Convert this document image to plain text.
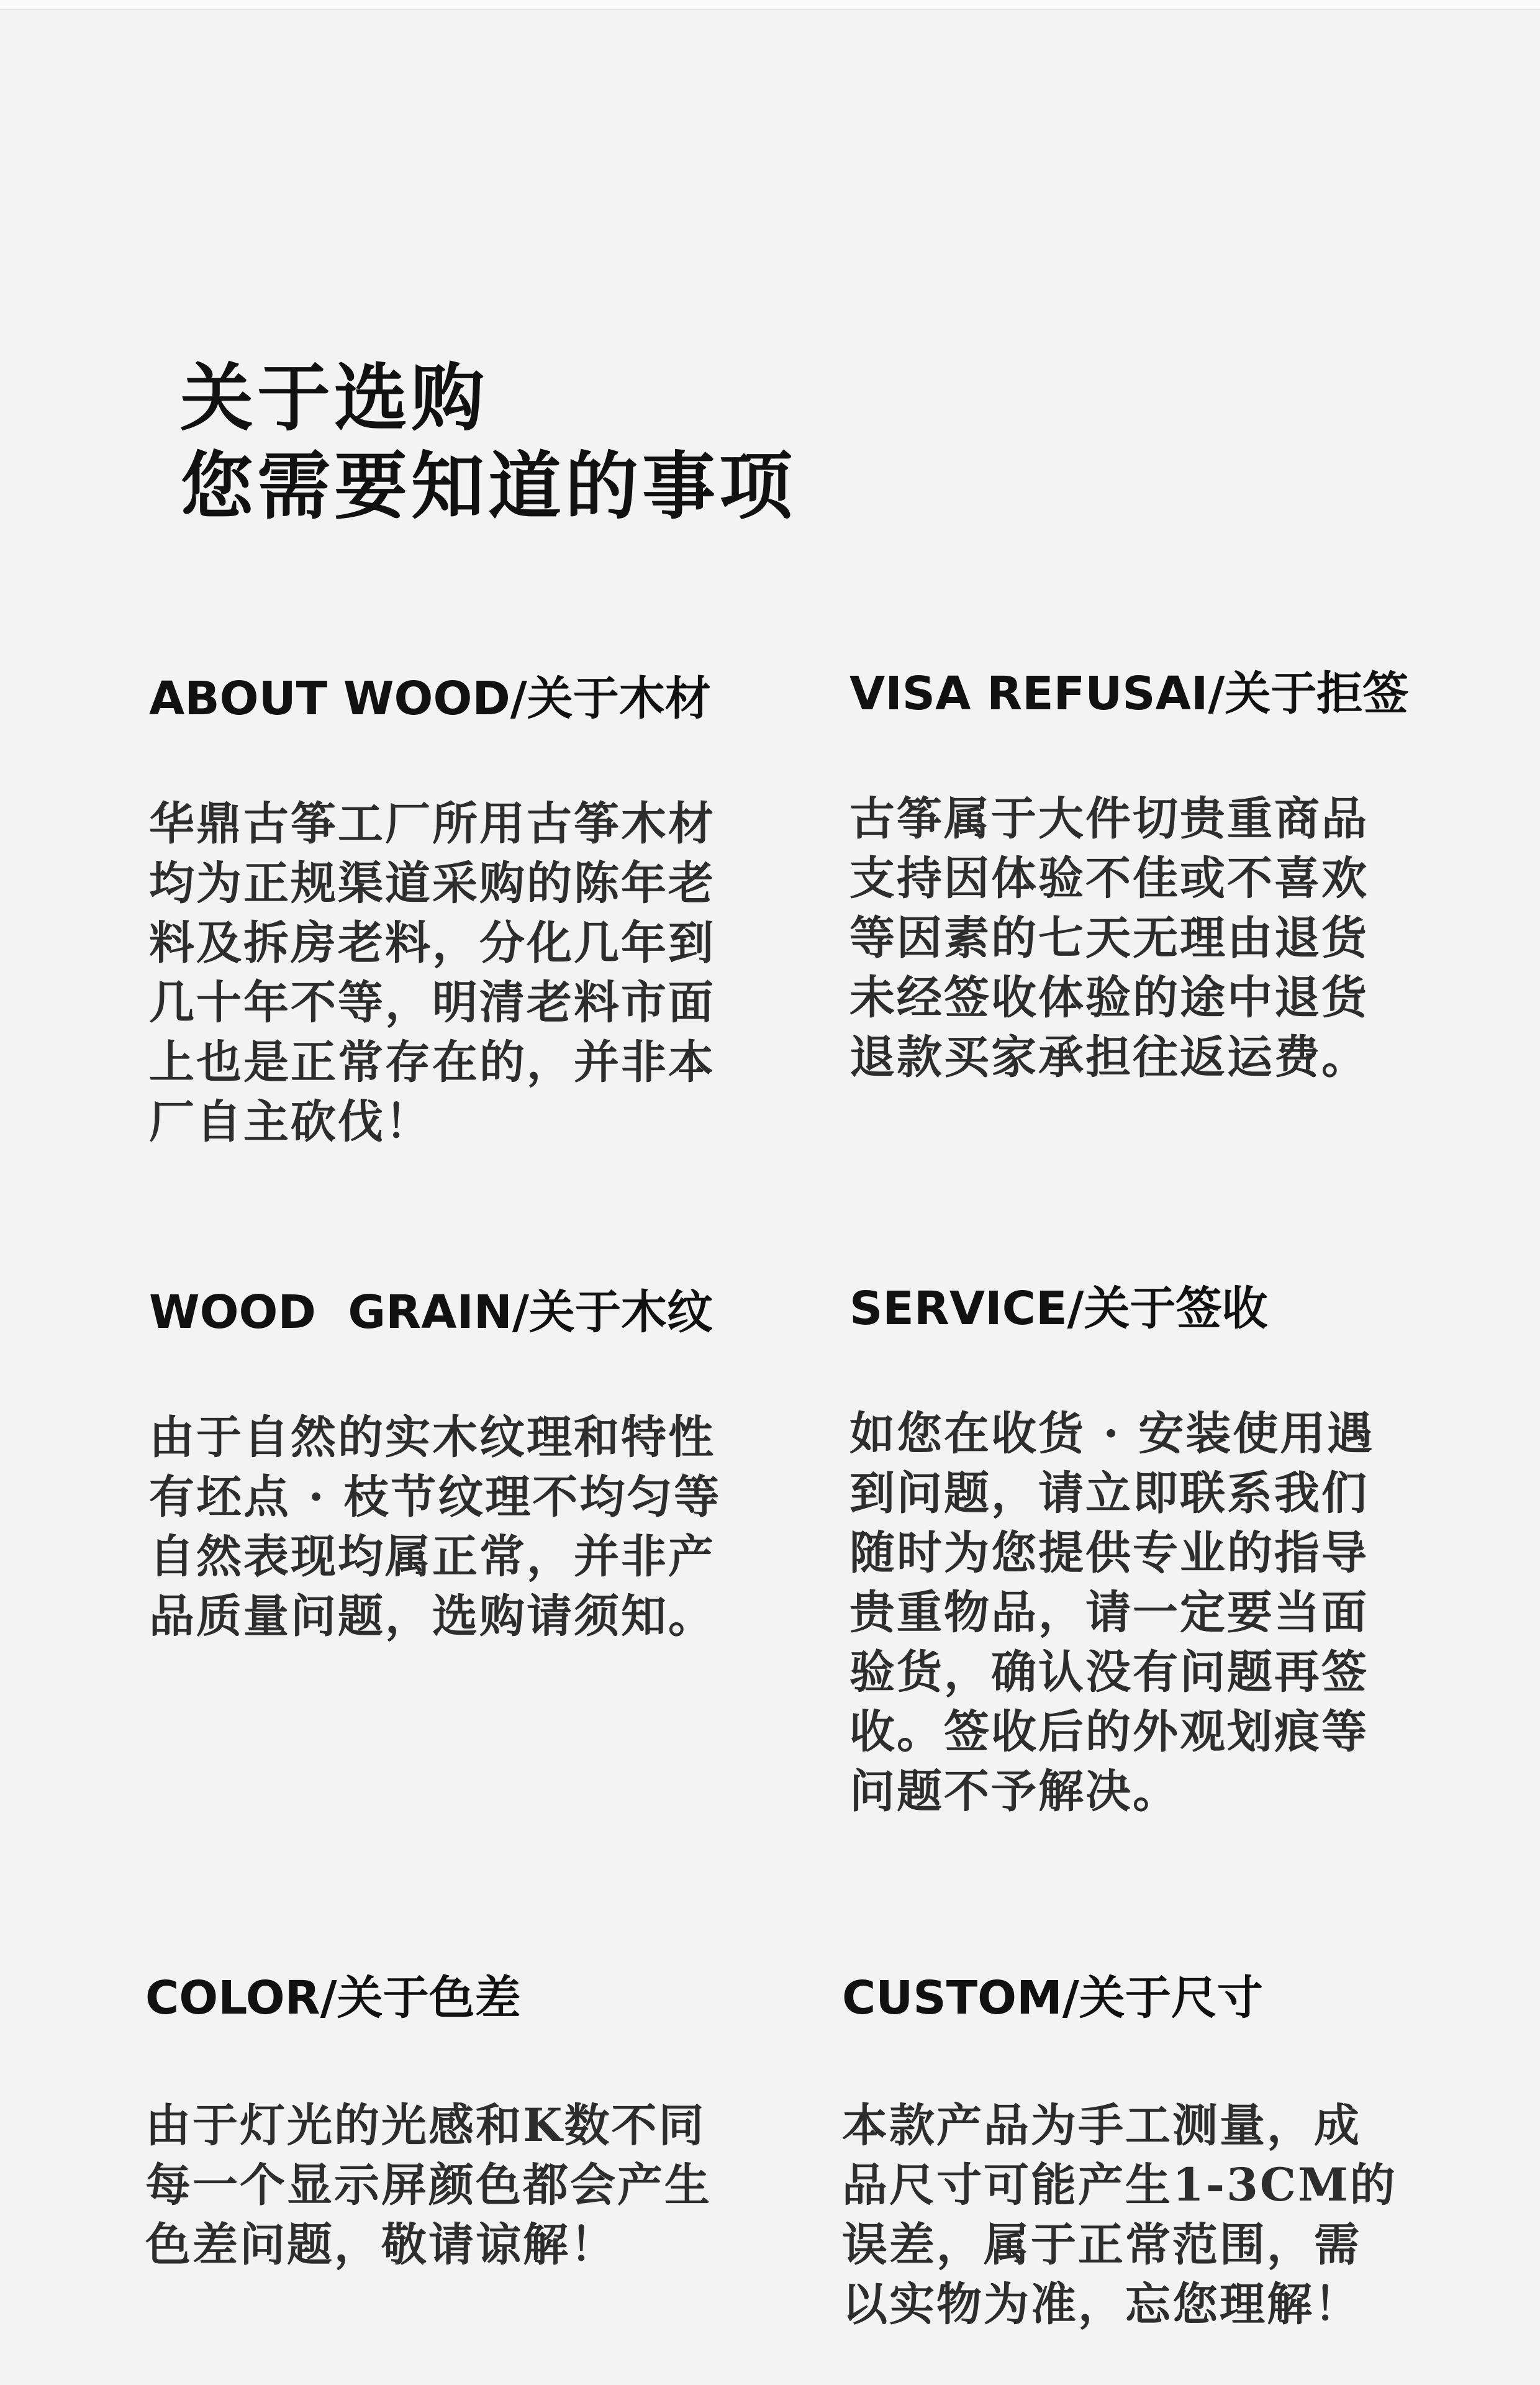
关于选购
您需要知道的事项
ABOUT WOOD/关于木材
华鼎古筝工厂所用古筝木材
均为正规渠道采购的陈年老
料及拆房老料，分化几年到
几十年不等，明清老料市面
上也是正常存在的，并非本
厂自主砍伐！
VISA REFUSAI/关于拒签
古筝属于大件切贵重商品
支持因体验不佳或不喜欢
等因素的七天无理由退货
未经签收体验的途中退货
退款买家承担往返运费。
WOOD  GRAIN/关于木纹
由于自然的实木纹理和特性
有坯点 · 枝节纹理不均匀等
自然表现均属正常，并非产
品质量问题，选购请须知。
SERVICE/关于签收
如您在收货 · 安装使用遇
到问题，请立即联系我们
随时为您提供专业的指导
贵重物品，请一定要当面
验货，确认没有问题再签
收。签收后的外观划痕等
问题不予解决。
COLOR/关于色差
由于灯光的光感和K数不同
每一个显示屏颜色都会产生
色差问题，敬请谅解！
CUSTOM/关于尺寸
本款产品为手工测量，成
品尺寸可能产生1-3CM的
误差，属于正常范围，需
以实物为准，忘您理解！
